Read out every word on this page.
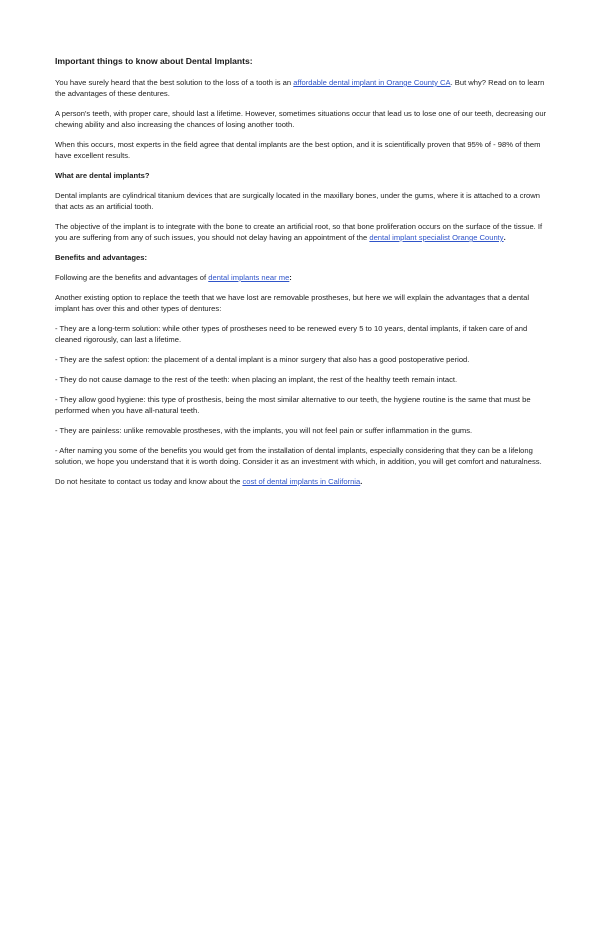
Important things to know about Dental Implants:

You have surely heard that the best solution to the loss of a tooth is an affordable dental implant in Orange County CA. But why? Read on to learn the advantages of these dentures.

A person's teeth, with proper care, should last a lifetime. However, sometimes situations occur that lead us to lose one of our teeth, decreasing our chewing ability and also increasing the chances of losing another tooth.

When this occurs, most experts in the field agree that dental implants are the best option, and it is scientifically proven that 95% of - 98% of them have excellent results.

What are dental implants?

Dental implants are cylindrical titanium devices that are surgically located in the maxillary bones, under the gums, where it is attached to a crown that acts as an artificial tooth.

The objective of the implant is to integrate with the bone to create an artificial root, so that bone proliferation occurs on the surface of the tissue. If you are suffering from any of such issues, you should not delay having an appointment of the dental implant specialist Orange County.

Benefits and advantages:

Following are the benefits and advantages of dental implants near me:

Another existing option to replace the teeth that we have lost are removable prostheses, but here we will explain the advantages that a dental implant has over this and other types of dentures:

- They are a long-term solution: while other types of prostheses need to be renewed every 5 to 10 years, dental implants, if taken care of and cleaned rigorously, can last a lifetime.

- They are the safest option: the placement of a dental implant is a minor surgery that also has a good postoperative period.

- They do not cause damage to the rest of the teeth: when placing an implant, the rest of the healthy teeth remain intact.

- They allow good hygiene: this type of prosthesis, being the most similar alternative to our teeth, the hygiene routine is the same that must be performed when you have all-natural teeth.

- They are painless: unlike removable prostheses, with the implants, you will not feel pain or suffer inflammation in the gums.

- After naming you some of the benefits you would get from the installation of dental implants, especially considering that they can be a lifelong solution, we hope you understand that it is worth doing. Consider it as an investment with which, in addition, you will get comfort and naturalness.

Do not hesitate to contact us today and know about the cost of dental implants in California.
